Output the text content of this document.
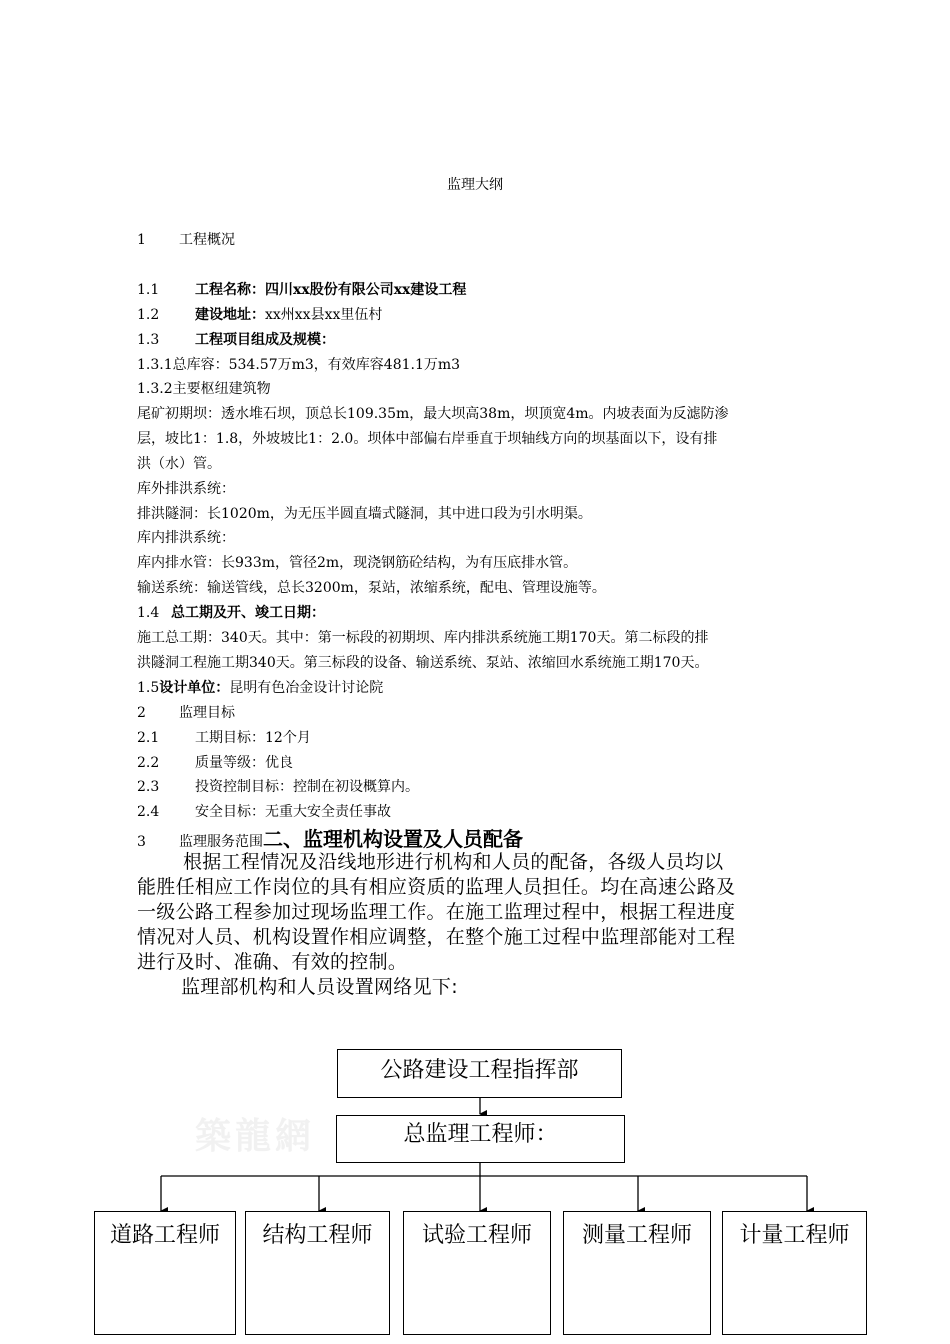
监理大纲
1 工程概况
1.1	工程名称：四川xx股份有限公司xx建设工程
1.2	建设地址：xx州xx县xx里伍村
1.3	工程项目组成及规模：
1.3.1总库容：534.57万m3，有效库容481.1万m3
1.3.2主要枢纽建筑物
尾矿初期坝：透水堆石坝，顶总长109.35m，最大坝高38m，坝顶宽4m。内坡表面为反滤防渗
层，坡比1：1.8，外坡坡比1：2.0。坝体中部偏右岸垂直于坝轴线方向的坝基面以下，设有排
洪（水）管。
库外排洪系统：
排洪隧洞：长1020m，为无压半圆直墙式隧洞，其中进口段为引水明渠。
库内排洪系统：
库内排水管：长933m，管径2m，现浇钢筋砼结构，为有压底排水管。
输送系统：输送管线，总长3200m，泵站，浓缩系统，配电、管理设施等。
1.4 总工期及开、竣工日期：
施工总工期：340天。其中：第一标段的初期坝、库内排洪系统施工期170天。第二标段的排
洪隧洞工程施工期340天。第三标段的设备、输送系统、泵站、浓缩回水系统施工期170天。
1.5设计单位：昆明有色冶金设计讨论院
2 监理目标
2.1	工期目标：12个月
2.2	质量等级：优良
2.3	投资控制目标：控制在初设概算内。
2.4	安全目标：无重大安全责任事故
3 监理服务范围二、监理机构设置及人员配备
根据工程情况及沿线地形进行机构和人员的配备，各级人员均以
能胜任相应工作岗位的具有相应资质的监理人员担任。均在高速公路及
一级公路工程参加过现场监理工作。在施工监理过程中，根据工程进度
情况对人员、机构设置作相应调整，在整个施工过程中监理部能对工程
进行及时、准确、有效的控制。
监理部机构和人员设置网络见下:
築龍網
公路建设工程指挥部
总监理工程师：
道路工程师	结构工程师	试验工程师	测量工程师	计量工程师
